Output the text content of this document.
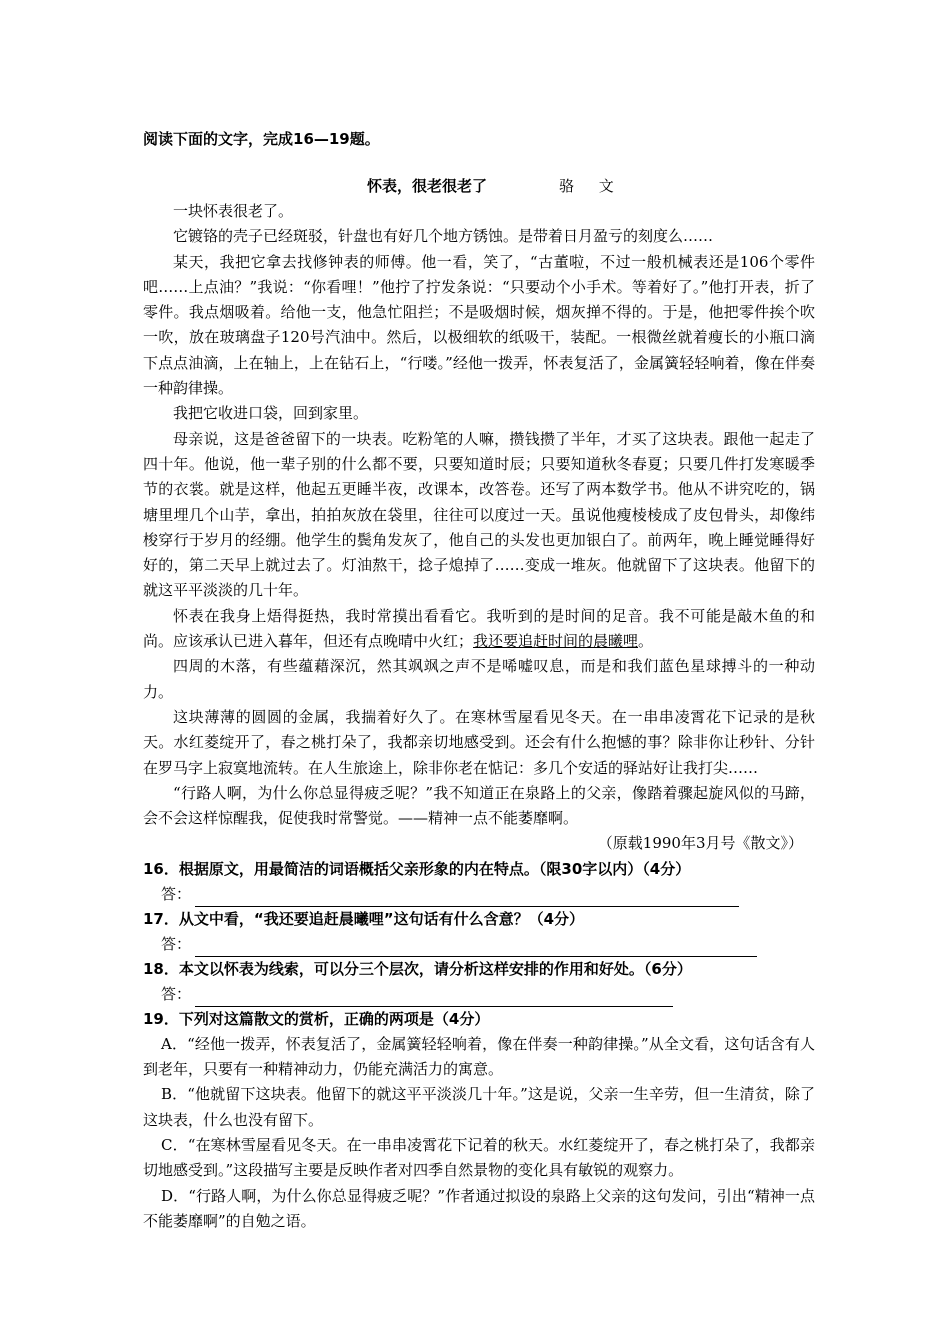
阅读下面的文字，完成16—19题。

怀表，很老很老了	骆 文

一块怀表很老了。

它镀铬的壳子已经斑驳，针盘也有好几个地方锈蚀。是带着日月盈亏的刻度么……

某天，我把它拿去找修钟表的师傅。他一看，笑了，“古董啦，不过一般机械表还是106个零件吧……上点油？”我说：“你看哩！”他拧了拧发条说：“只要动个小手术。等着好了。”他打开表，折了零件。我点烟吸着。给他一支，他急忙阻拦；不是吸烟时候，烟灰掸不得的。于是，他把零件挨个吹一吹，放在玻璃盘子120号汽油中。然后，以极细软的纸吸干，装配。一根微丝就着瘦长的小瓶口滴下点点油滴，上在轴上，上在钻石上，“行喽。”经他一拨弄，怀表复活了，金属簧轻轻响着，像在伴奏一种韵律操。

我把它收进口袋，回到家里。

母亲说，这是爸爸留下的一块表。吃粉笔的人嘛，攒钱攒了半年，才买了这块表。跟他一起走了四十年。他说，他一辈子别的什么都不要，只要知道时辰；只要知道秋冬春夏；只要几件打发寒暖季节的衣裳。就是这样，他起五更睡半夜，改课本，改答卷。还写了两本数学书。他从不讲究吃的，锅塘里埋几个山芋，拿出，拍拍灰放在袋里，往往可以度过一天。虽说他瘦棱棱成了皮包骨头，却像纬梭穿行于岁月的经绷。他学生的鬓角发灰了，他自己的头发也更加银白了。前两年，晚上睡觉睡得好好的，第二天早上就过去了。灯油熬干，捻子熄掉了……变成一堆灰。他就留下了这块表。他留下的就这平平淡淡的几十年。

怀表在我身上焐得挺热，我时常摸出看看它。我听到的是时间的足音。我不可能是敲木鱼的和尚。应该承认已进入暮年，但还有点晚晴中火红；我还要追赶时间的晨曦哩。

四周的木落，有些蕴藉深沉，然其飒飒之声不是唏嘘叹息，而是和我们蓝色星球搏斗的一种动力。

这块薄薄的圆圆的金属，我揣着好久了。在寒林雪屋看见冬天。在一串串凌霄花下记录的是秋天。水红菱绽开了，春之桃打朵了，我都亲切地感受到。还会有什么抱憾的事？除非你让秒针、分针在罗马字上寂寞地流转。在人生旅途上，除非你老在惦记：多几个安适的驿站好让我打尖……

“行路人啊，为什么你总显得疲乏呢？”我不知道正在泉路上的父亲，像踏着骤起旋风似的马蹄，会不会这样惊醒我，促使我时常警觉。——精神一点不能萎靡啊。

（原载1990年3月号《散文》）

16．根据原文，用最简洁的词语概括父亲形象的内在特点。（限30字以内）（4分）

答：

17．从文中看，“我还要追赶晨曦哩”这句话有什么含意？（4分）

答：

18．本文以怀表为线索，可以分三个层次，请分析这样安排的作用和好处。（6分）

答：

19．下列对这篇散文的赏析，正确的两项是（4分）

A．“经他一拨弄，怀表复活了，金属簧轻轻响着，像在伴奏一种韵律操。”从全文看，这句话含有人到老年，只要有一种精神动力，仍能充满活力的寓意。

B．“他就留下这块表。他留下的就这平平淡淡几十年。”这是说，父亲一生辛劳，但一生清贫，除了这块表，什么也没有留下。

C．“在寒林雪屋看见冬天。在一串串凌霄花下记着的秋天。水红菱绽开了，春之桃打朵了，我都亲切地感受到。”这段描写主要是反映作者对四季自然景物的变化具有敏锐的观察力。

D．“行路人啊，为什么你总显得疲乏呢？”作者通过拟设的泉路上父亲的这句发问，引出“精神一点不能萎靡啊”的自勉之语。
